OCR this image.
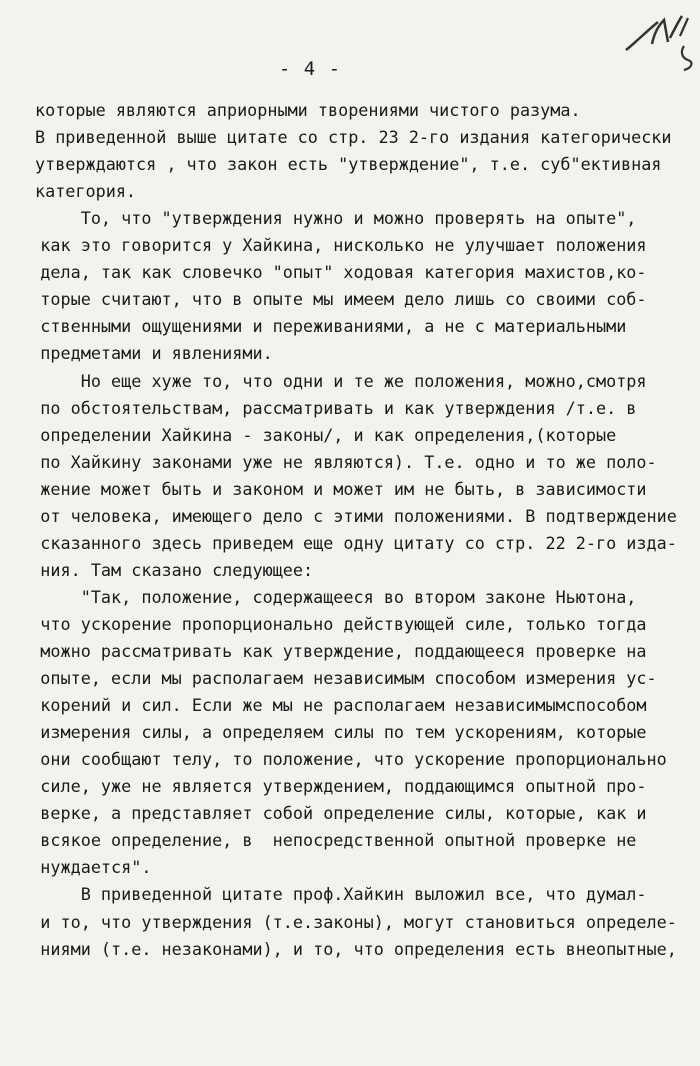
- 4 -
которые являются априорными творениями чистого разума.
В приведенной выше цитате со стр. 23 2-го издания категорически
утверждаются , что закон есть "утверждение", т.е. суб"ективная
категория.
То, что "утверждения нужно и можно проверять на опыте",
как это говорится у Хайкина, нисколько не улучшает положения
дела, так как словечко "опыт" ходовая категория махистов,ко-
торые считают, что в опыте мы имеем дело лишь со своими соб-
ственными ощущениями и переживаниями, а не с материальными
предметами и явлениями.
Но еще хуже то, что одни и те же положения, можно,смотря
по обстоятельствам, рассматривать и как утверждения /т.е. в
определении Хайкина - законы/, и как определения,(которые
по Хайкину законами уже не являются). Т.е. одно и то же поло-
жение может быть и законом и может им не быть, в зависимости
от человека, имеющего дело с этими положениями. В подтверждение
сказанного здесь приведем еще одну цитату со стр. 22 2-го изда-
ния. Там сказано следующее:
"Так, положение, содержащееся во втором законе Ньютона,
что ускорение пропорционально действующей силе, только тогда
можно рассматривать как утверждение, поддающееся проверке на
опыте, если мы располагаем независимым способом измерения ус-
корений и сил. Если же мы не располагаем независимымспособом
измерения силы, а определяем силы по тем ускорениям, которые
они сообщают телу, то положение, что ускорение пропорционально
силе, уже не является утверждением, поддающимся опытной про-
верке, а представляет собой определение силы, которые, как и
всякое определение, в  непосредственной опытной проверке не
нуждается".
В приведенной цитате проф.Хайкин выложил все, что думал-
и то, что утверждения (т.е.законы), могут становиться определе-
ниями (т.е. незаконами), и то, что определения есть внеопытные,
